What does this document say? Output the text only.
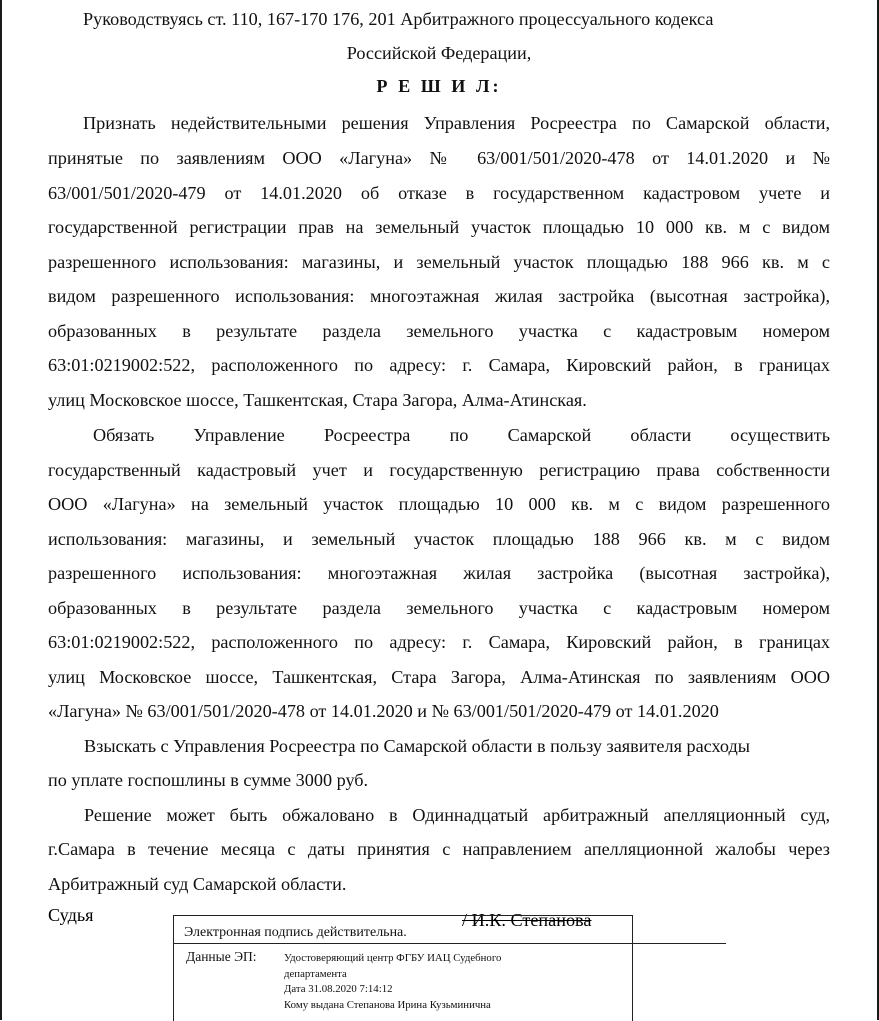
Руководствуясь ст. 110, 167-170 176, 201 Арбитражного процессуального кодекса
Российской Федерации,
Р Е Ш И Л:
Признать недействительными решения Управления Росреестра по Самарской области,
принятые по заявлениям ООО «Лагуна» № 63/001/501/2020-478 от 14.01.2020 и №
63/001/501/2020-479 от 14.01.2020 об отказе в государственном кадастровом учете и
государственной регистрации прав на земельный участок площадью 10 000 кв. м с видом
разрешенного использования: магазины, и земельный участок площадью 188 966 кв. м с
видом разрешенного использования: многоэтажная жилая застройка (высотная застройка),
образованных в результате раздела земельного участка с кадастровым номером
63:01:0219002:522, расположенного по адресу: г. Самара, Кировский район, в границах
улиц Московское шоссе, Ташкентская, Стара Загора, Алма-Атинская.
Обязать Управление Росреестра по Самарской области осуществить
государственный кадастровый учет и государственную регистрацию права собственности
ООО «Лагуна» на земельный участок площадью 10 000 кв. м с видом разрешенного
использования: магазины, и земельный участок площадью 188 966 кв. м с видом
разрешенного использования: многоэтажная жилая застройка (высотная застройка),
образованных в результате раздела земельного участка с кадастровым номером
63:01:0219002:522, расположенного по адресу: г. Самара, Кировский район, в границах
улиц Московское шоссе, Ташкентская, Стара Загора, Алма-Атинская по заявлениям ООО
«Лагуна» № 63/001/501/2020-478 от 14.01.2020 и № 63/001/501/2020-479 от 14.01.2020
Взыскать с Управления Росреестра по Самарской области в пользу заявителя расходы
по уплате госпошлины в сумме 3000 руб.
Решение может быть обжаловано в Одиннадцатый арбитражный апелляционный суд,
г.Самара в течение месяца с даты принятия с направлением апелляционной жалобы через
Арбитражный суд Самарской области.
Судья	/ И.К. Степанова
Электронная подпись действительна.
Данные ЭП:	Удостоверяющий центр ФГБУ ИАЦ Судебного
департамента
Дата 31.08.2020 7:14:12
Кому выдана Степанова Ирина Кузьминична
